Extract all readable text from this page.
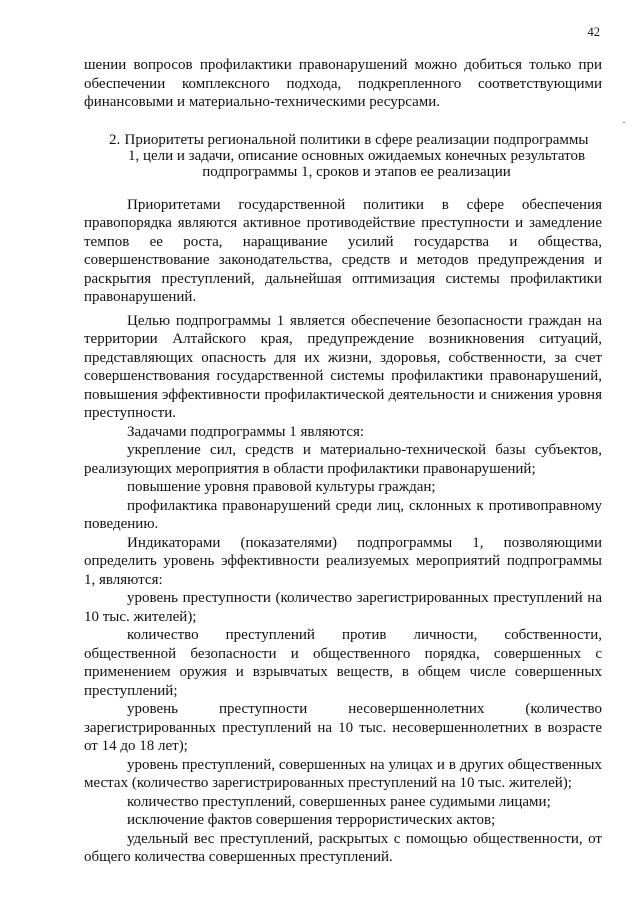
42
·

шении вопросов профилактики правонарушений можно добиться только при обеспечении комплексного подхода, подкрепленного соответствующими финансовыми и материально-техническими ресурсами.

2. Приоритеты региональной политики в сфере реализации подпрограммы 1, цели и задачи, описание основных ожидаемых конечных результатов подпрограммы 1, сроков и этапов ее реализации

Приоритетами государственной политики в сфере обеспечения правопорядка являются активное противодействие преступности и замедление темпов ее роста, наращивание усилий государства и общества, совершенствование законодательства, средств и методов предупреждения и раскрытия преступлений, дальнейшая оптимизация системы профилактики правонарушений.

Целью подпрограммы 1 является обеспечение безопасности граждан на территории Алтайского края, предупреждение возникновения ситуаций, представляющих опасность для их жизни, здоровья, собственности, за счет совершенствования государственной системы профилактики правонарушений, повышения эффективности профилактической деятельности и снижения уровня преступности.

Задачами подпрограммы 1 являются:

укрепление сил, средств и материально-технической базы субъектов, реализующих мероприятия в области профилактики правонарушений;

повышение уровня правовой культуры граждан;

профилактика правонарушений среди лиц, склонных к противоправному поведению.

Индикаторами (показателями) подпрограммы 1, позволяющими определить уровень эффективности реализуемых мероприятий подпрограммы 1, являются:

уровень преступности (количество зарегистрированных преступлений на 10 тыс. жителей);

количество преступлений против личности, собственности, общественной безопасности и общественного порядка, совершенных с применением оружия и взрывчатых веществ, в общем числе совершенных преступлений;

уровень преступности несовершеннолетних (количество зарегистрированных преступлений на 10 тыс. несовершеннолетних в возрасте от 14 до 18 лет);

уровень преступлений, совершенных на улицах и в других общественных местах (количество зарегистрированных преступлений на 10 тыс. жителей);

количество преступлений, совершенных ранее судимыми лицами;

исключение фактов совершения террористических актов;

удельный вес преступлений, раскрытых с помощью общественности, от общего количества совершенных преступлений.
